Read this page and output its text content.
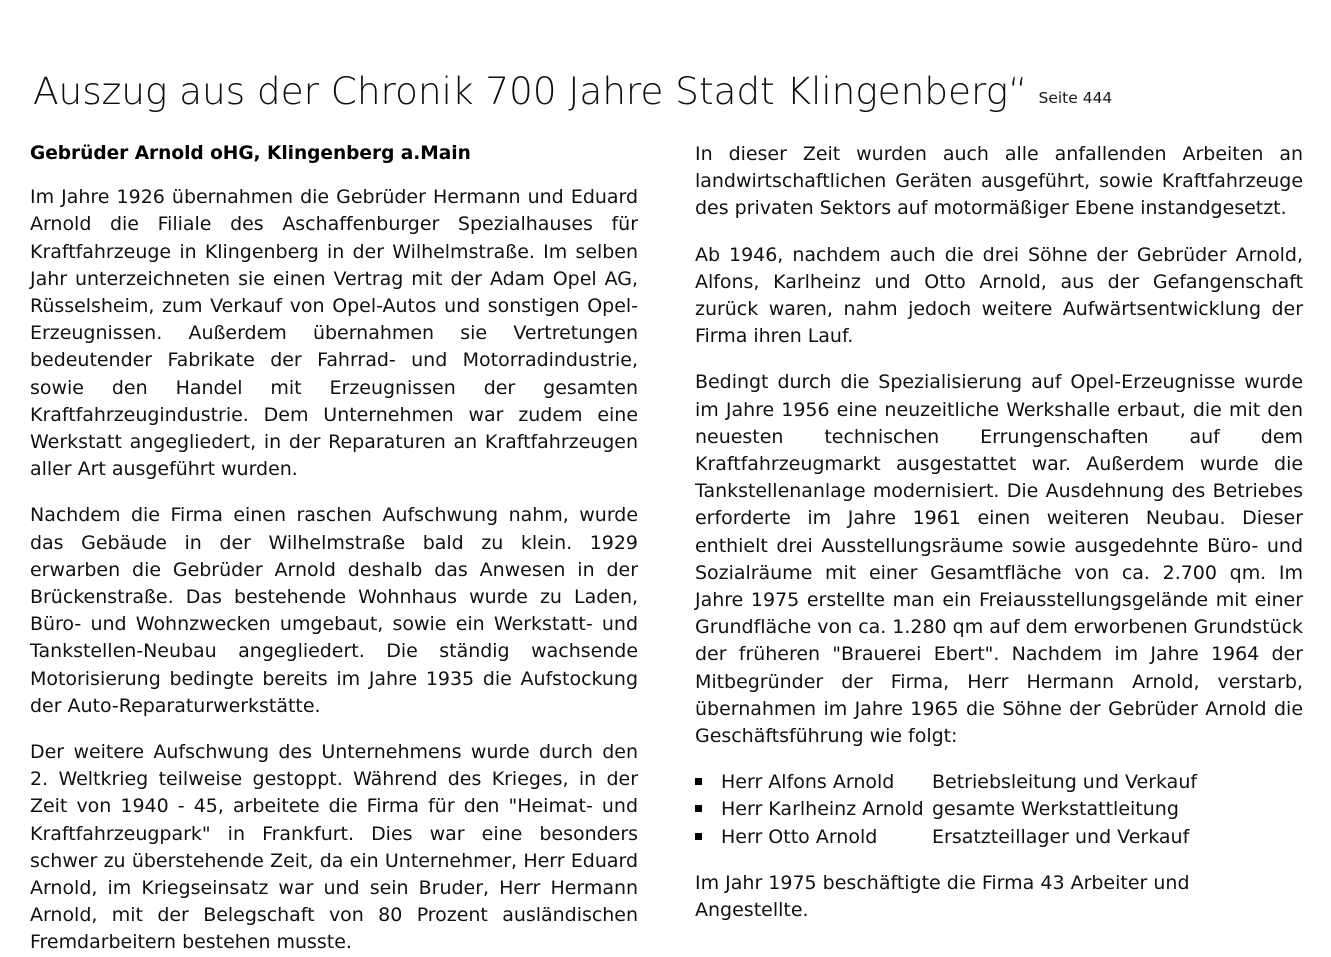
Auszug aus der Chronik 700 Jahre Stadt Klingenberg “ Seite 444
Gebrüder Arnold oHG, Klingenberg a.Main

Im Jahre 1926 übernahmen die Gebrüder Hermann und Eduard Arnold die Filiale des Aschaffenburger Spezialhauses für Kraftfahrzeuge in Klingenberg in der Wilhelmstraße. Im selben Jahr unterzeichneten sie einen Vertrag mit der Adam Opel AG, Rüsselsheim, zum Verkauf von Opel-Autos und sonstigen Opel-Erzeugnissen. Außerdem übernahmen sie Vertretungen bedeutender Fabrikate der Fahrrad- und Motorradindustrie, sowie den Handel mit Erzeugnissen der gesamten Kraftfahrzeugindustrie. Dem Unternehmen war zudem eine Werkstatt angegliedert, in der Reparaturen an Kraftfahrzeugen aller Art ausgeführt wurden.

Nachdem die Firma einen raschen Aufschwung nahm, wurde das Gebäude in der Wilhelmstraße bald zu klein. 1929 erwarben die Gebrüder Arnold deshalb das Anwesen in der Brückenstraße. Das bestehende Wohnhaus wurde zu Laden, Büro- und Wohnzwecken umgebaut, sowie ein Werkstatt- und Tankstellen-Neubau angegliedert. Die ständig wachsende Motorisierung bedingte bereits im Jahre 1935 die Aufstockung der Auto-Reparaturwerkstätte.

Der weitere Aufschwung des Unternehmens wurde durch den 2. Weltkrieg teilweise gestoppt. Während des Krieges, in der Zeit von 1940 - 45, arbeitete die Firma für den "Heimat- und Kraftfahrzeugpark" in Frankfurt. Dies war eine besonders schwer zu überstehende Zeit, da ein Unternehmer, Herr Eduard Arnold, im Kriegseinsatz war und sein Bruder, Herr Hermann Arnold, mit der Belegschaft von 80 Prozent ausländischen Fremdarbeitern bestehen musste.

In dieser Zeit wurden auch alle anfallenden Arbeiten an landwirtschaftlichen Geräten ausgeführt, sowie Kraftfahrzeuge des privaten Sektors auf motormäßiger Ebene instandgesetzt.

Ab 1946, nachdem auch die drei Söhne der Gebrüder Arnold, Alfons, Karlheinz und Otto Arnold, aus der Gefangenschaft zurück waren, nahm jedoch weitere Aufwärtsentwicklung der Firma ihren Lauf.

Bedingt durch die Spezialisierung auf Opel-Erzeugnisse wurde im Jahre 1956 eine neuzeitliche Werkshalle erbaut, die mit den neuesten technischen Errungenschaften auf dem Kraftfahrzeugmarkt ausgestattet war. Außerdem wurde die Tankstellenanlage modernisiert. Die Ausdehnung des Betriebes erforderte im Jahre 1961 einen weiteren Neubau. Dieser enthielt drei Ausstellungsräume sowie ausgedehnte Büro- und Sozialräume mit einer Gesamtfläche von ca. 2.700 qm. Im Jahre 1975 erstellte man ein Freiausstellungsgelände mit einer Grundfläche von ca. 1.280 qm auf dem erworbenen Grundstück der früheren "Brauerei Ebert". Nachdem im Jahre 1964 der Mitbegründer der Firma, Herr Hermann Arnold, verstarb, übernahmen im Jahre 1965 die Söhne der Gebrüder Arnold die Geschäftsführung wie folgt:

Herr Alfons Arnold	Betriebsleitung und Verkauf
Herr Karlheinz Arnold gesamte Werkstattleitung
Herr Otto Arnold	Ersatzteillager und Verkauf

Im Jahr 1975 beschäftigte die Firma 43 Arbeiter und Angestellte.
